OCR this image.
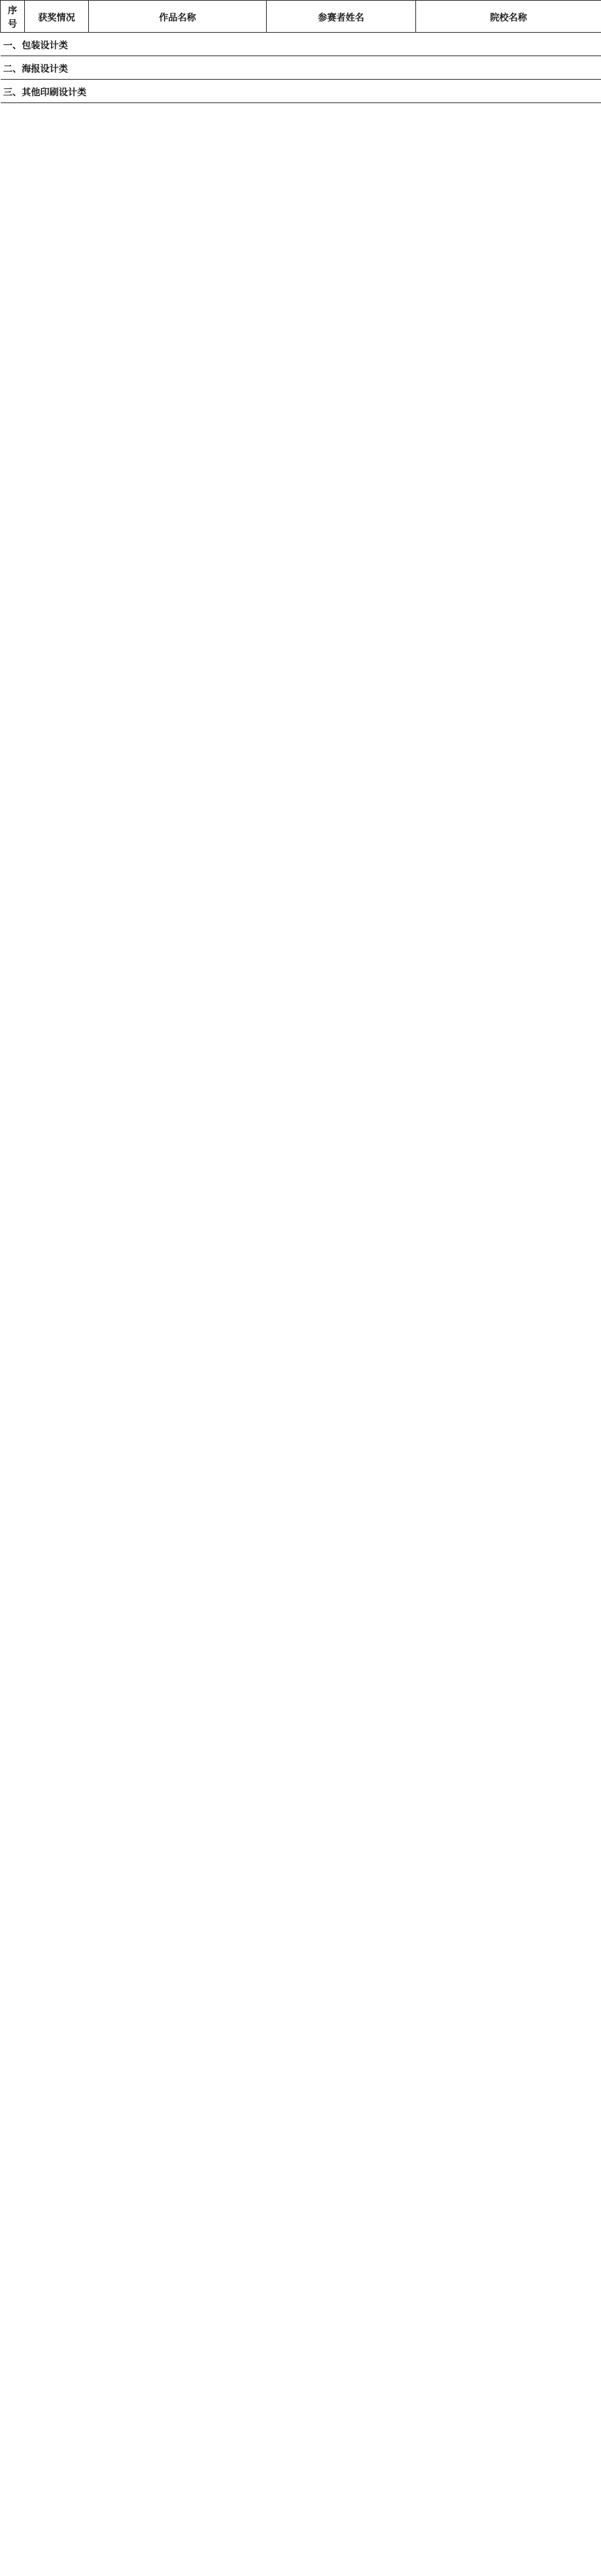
序号	获奖情况	作品名称	参赛者姓名	院校名称
一、包装设计类
二、海报设计类
三、其他印刷设计类
